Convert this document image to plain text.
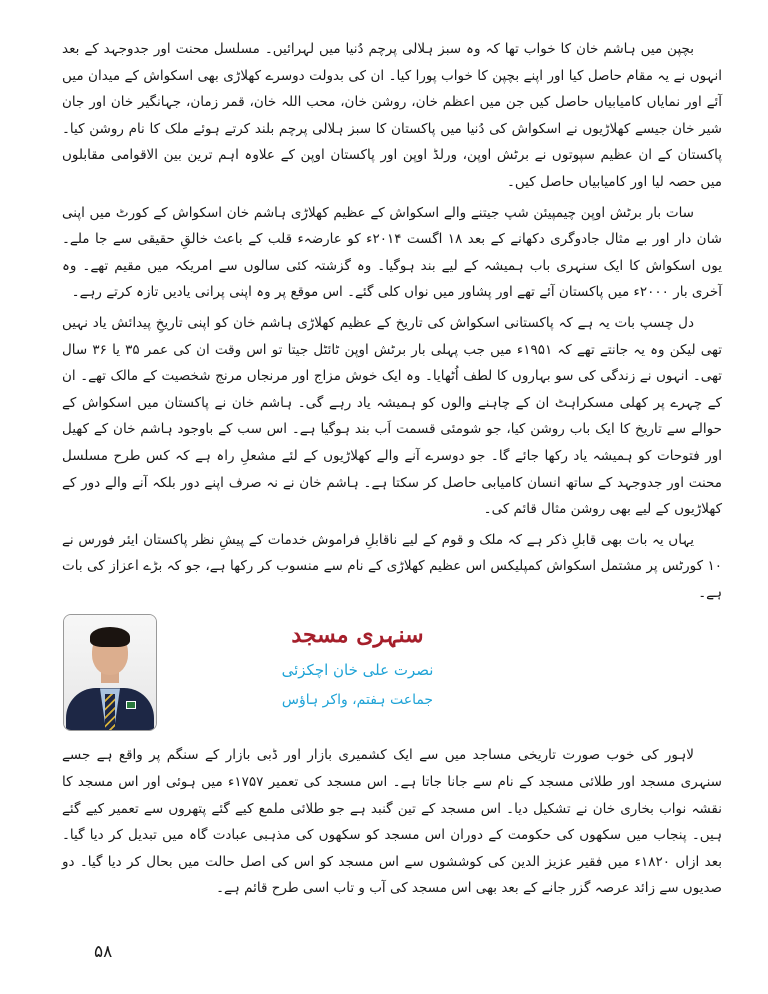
بچپن میں ہاشم خان کا خواب تھا کہ وہ سبز ہلالی پرچم دُنیا میں لہرائیں۔ مسلسل محنت اور جدوجہد کے بعد انہوں نے یہ مقام حاصل کیا اور اپنے بچپن کا خواب پورا کیا۔ ان کی بدولت دوسرے کھلاڑی بھی اسکواش کے میدان میں آئے اور نمایاں کامیابیاں حاصل کیں جن میں اعظم خان، روشن خان، محب اللہ خان، قمر زمان، جہانگیر خان اور جان شیر خان جیسے کھلاڑیوں نے اسکواش کی دُنیا میں پاکستان کا سبز ہلالی پرچم بلند کرتے ہوئے ملک کا نام روشن کیا۔ پاکستان کے ان عظیم سپوتوں نے برٹش اوپن، ورلڈ اوپن اور پاکستان اوپن کے علاوہ اہم ترین بین الاقوامی مقابلوں میں حصہ لیا اور کامیابیاں حاصل کیں۔

سات بار برٹش اوپن چیمپیئن شپ جیتنے والے اسکواش کے عظیم کھلاڑی ہاشم خان اسکواش کے کورٹ میں اپنی شان دار اور بے مثال جادوگری دکھانے کے بعد ۱۸ اگست ۲۰۱۴ء کو عارضہء قلب کے باعث خالقِ حقیقی سے جا ملے۔ یوں اسکواش کا ایک سنہری باب ہمیشہ کے لیے بند ہوگیا۔ وہ گزشتہ کئی سالوں سے امریکہ میں مقیم تھے۔ وہ آخری بار ۲۰۰۰ء میں پاکستان آئے تھے اور پشاور میں نواں کلی گئے۔ اس موقع پر وہ اپنی پرانی یادیں تازہ کرتے رہے۔

دل چسپ بات یہ ہے کہ پاکستانی اسکواش کی تاریخ کے عظیم کھلاڑی ہاشم خان کو اپنی تاریخِ پیدائش یاد نہیں تھی لیکن وہ یہ جانتے تھے کہ ۱۹۵۱ء میں جب پہلی بار برٹش اوپن ٹائٹل جیتا تو اس وقت ان کی عمر ۳۵ یا ۳۶ سال تھی۔ انہوں نے زندگی کی سو بہاروں کا لطف اُٹھایا۔ وہ ایک خوش مزاج اور مرنجاں مرنج شخصیت کے مالک تھے۔ ان کے چہرے پر کھلی مسکراہٹ ان کے چاہنے والوں کو ہمیشہ یاد رہے گی۔ ہاشم خان نے پاکستان میں اسکواش کے حوالے سے تاریخ کا ایک باب روشن کیا، جو شومئی قسمت اَب بند ہوگیا ہے۔ اس سب کے باوجود ہاشم خان کے کھیل اور فتوحات کو ہمیشہ یاد رکھا جائے گا۔ جو دوسرے آنے والے کھلاڑیوں کے لئے مشعلِ راہ ہے کہ کس طرح مسلسل محنت اور جدوجہد کے ساتھ انسان کامیابی حاصل کر سکتا ہے۔ ہاشم خان نے نہ صرف اپنے دور بلکہ آنے والے دور کے کھلاڑیوں کے لیے بھی روشن مثال قائم کی۔

یہاں یہ بات بھی قابلِ ذکر ہے کہ ملک و قوم کے لیے ناقابلِ فراموش خدمات کے پیشِ نظر پاکستان ایئر فورس نے ۱۰ کورٹس پر مشتمل اسکواش کمپلیکس اس عظیم کھلاڑی کے نام سے منسوب کر رکھا ہے، جو کہ بڑے اعزاز کی بات ہے۔

سنہری مسجد
نصرت علی خان اچکزئی
جماعت ہفتم، واکر ہاؤس

لاہور کی خوب صورت تاریخی مساجد میں سے ایک کشمیری بازار اور ڈبی بازار کے سنگم پر واقع ہے جسے سنہری مسجد اور طلائی مسجد کے نام سے جانا جاتا ہے۔ اس مسجد کی تعمیر ۱۷۵۷ء میں ہوئی اور اس مسجد کا نقشہ نواب بخاری خان نے تشکیل دیا۔ اس مسجد کے تین گنبد ہے جو طلائی ملمع کیے گئے پتھروں سے تعمیر کیے گئے ہیں۔ پنجاب میں سکھوں کی حکومت کے دوران اس مسجد کو سکھوں کی مذہبی عبادت گاہ میں تبدیل کر دیا گیا۔ بعد ازاں ۱۸۲۰ء میں فقیر عزیز الدین کی کوششوں سے اس مسجد کو اس کی اصل حالت میں بحال کر دیا گیا۔ دو صدیوں سے زائد عرصہ گزر جانے کے بعد بھی اس مسجد کی آب و تاب اسی طرح قائم ہے۔

۵۸
